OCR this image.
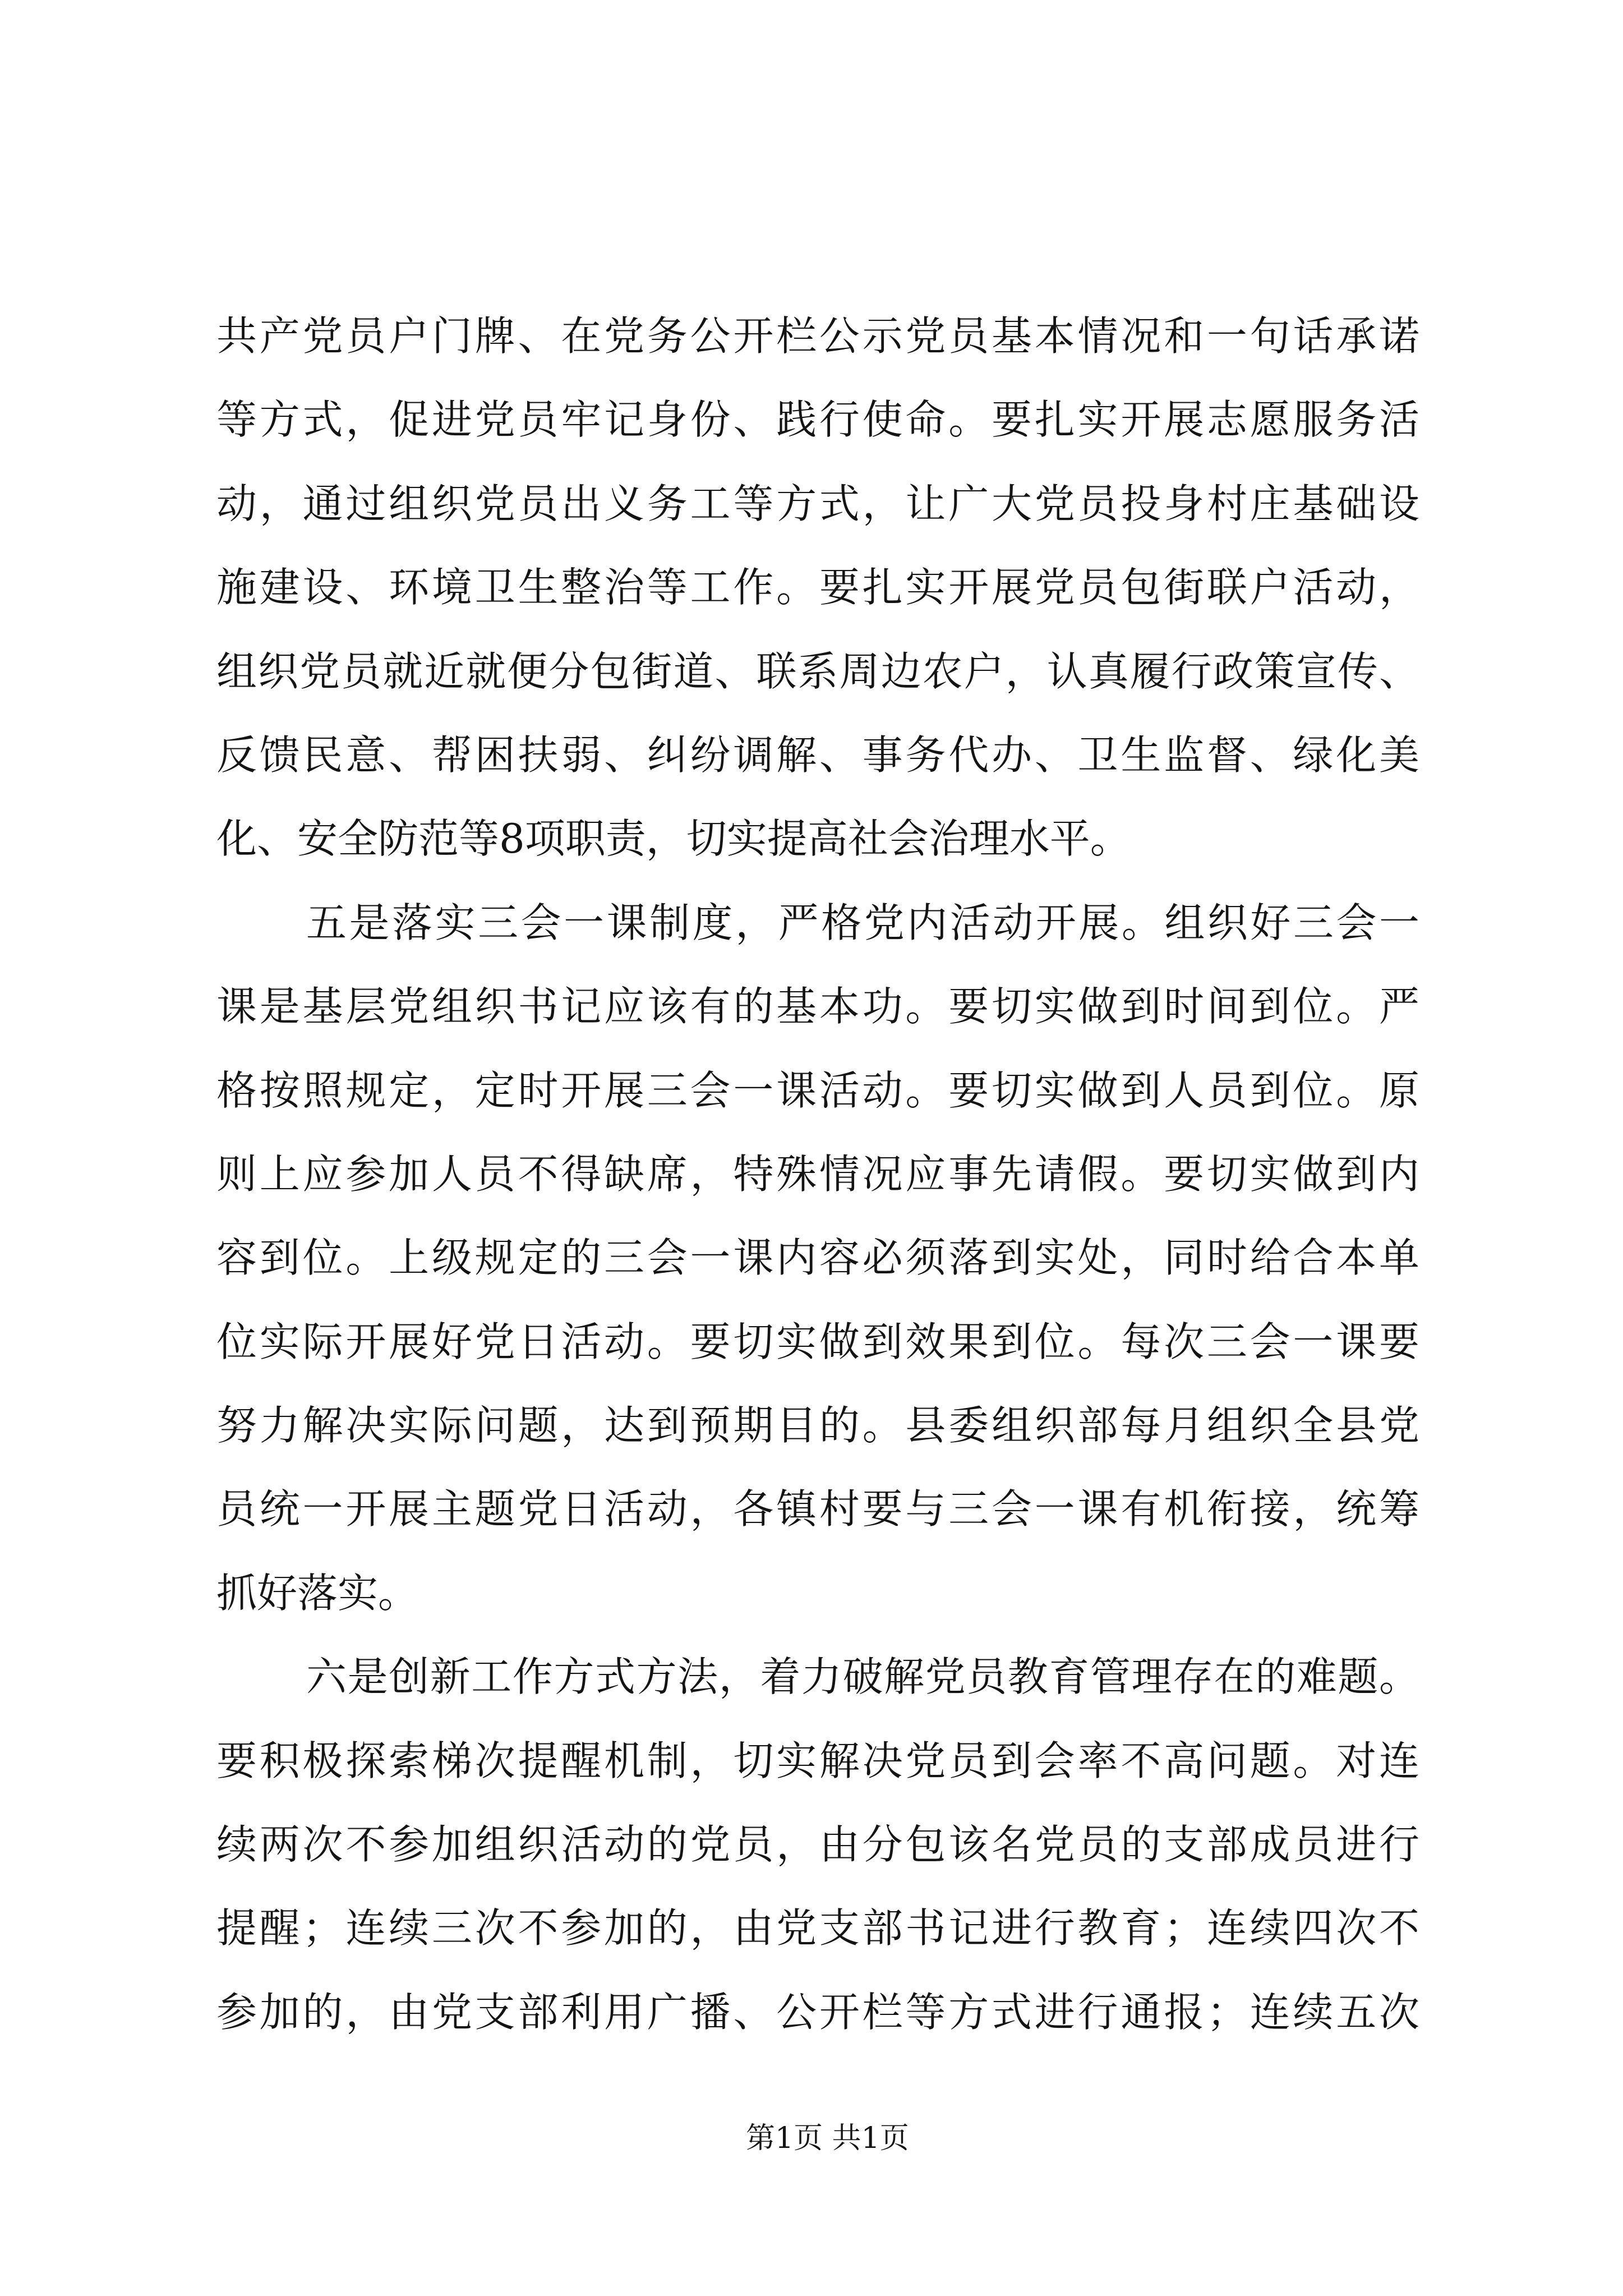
共产党员户门牌、在党务公开栏公示党员基本情况和一句话承诺
等方式，促进党员牢记身份、践行使命。要扎实开展志愿服务活
动，通过组织党员出义务工等方式，让广大党员投身村庄基础设
施建设、环境卫生整治等工作。要扎实开展党员包街联户活动，
组织党员就近就便分包街道、联系周边农户，认真履行政策宣传、
反馈民意、帮困扶弱、纠纷调解、事务代办、卫生监督、绿化美
化、安全防范等8项职责，切实提高社会治理水平。
五是落实三会一课制度，严格党内活动开展。组织好三会一
课是基层党组织书记应该有的基本功。要切实做到时间到位。严
格按照规定，定时开展三会一课活动。要切实做到人员到位。原
则上应参加人员不得缺席，特殊情况应事先请假。要切实做到内
容到位。上级规定的三会一课内容必须落到实处，同时给合本单
位实际开展好党日活动。要切实做到效果到位。每次三会一课要
努力解决实际问题，达到预期目的。县委组织部每月组织全县党
员统一开展主题党日活动，各镇村要与三会一课有机衔接，统筹
抓好落实。
六是创新工作方式方法，着力破解党员教育管理存在的难题。
要积极探索梯次提醒机制，切实解决党员到会率不高问题。对连
续两次不参加组织活动的党员，由分包该名党员的支部成员进行
提醒；连续三次不参加的，由党支部书记进行教育；连续四次不
参加的，由党支部利用广播、公开栏等方式进行通报；连续五次
第1页 共1页
